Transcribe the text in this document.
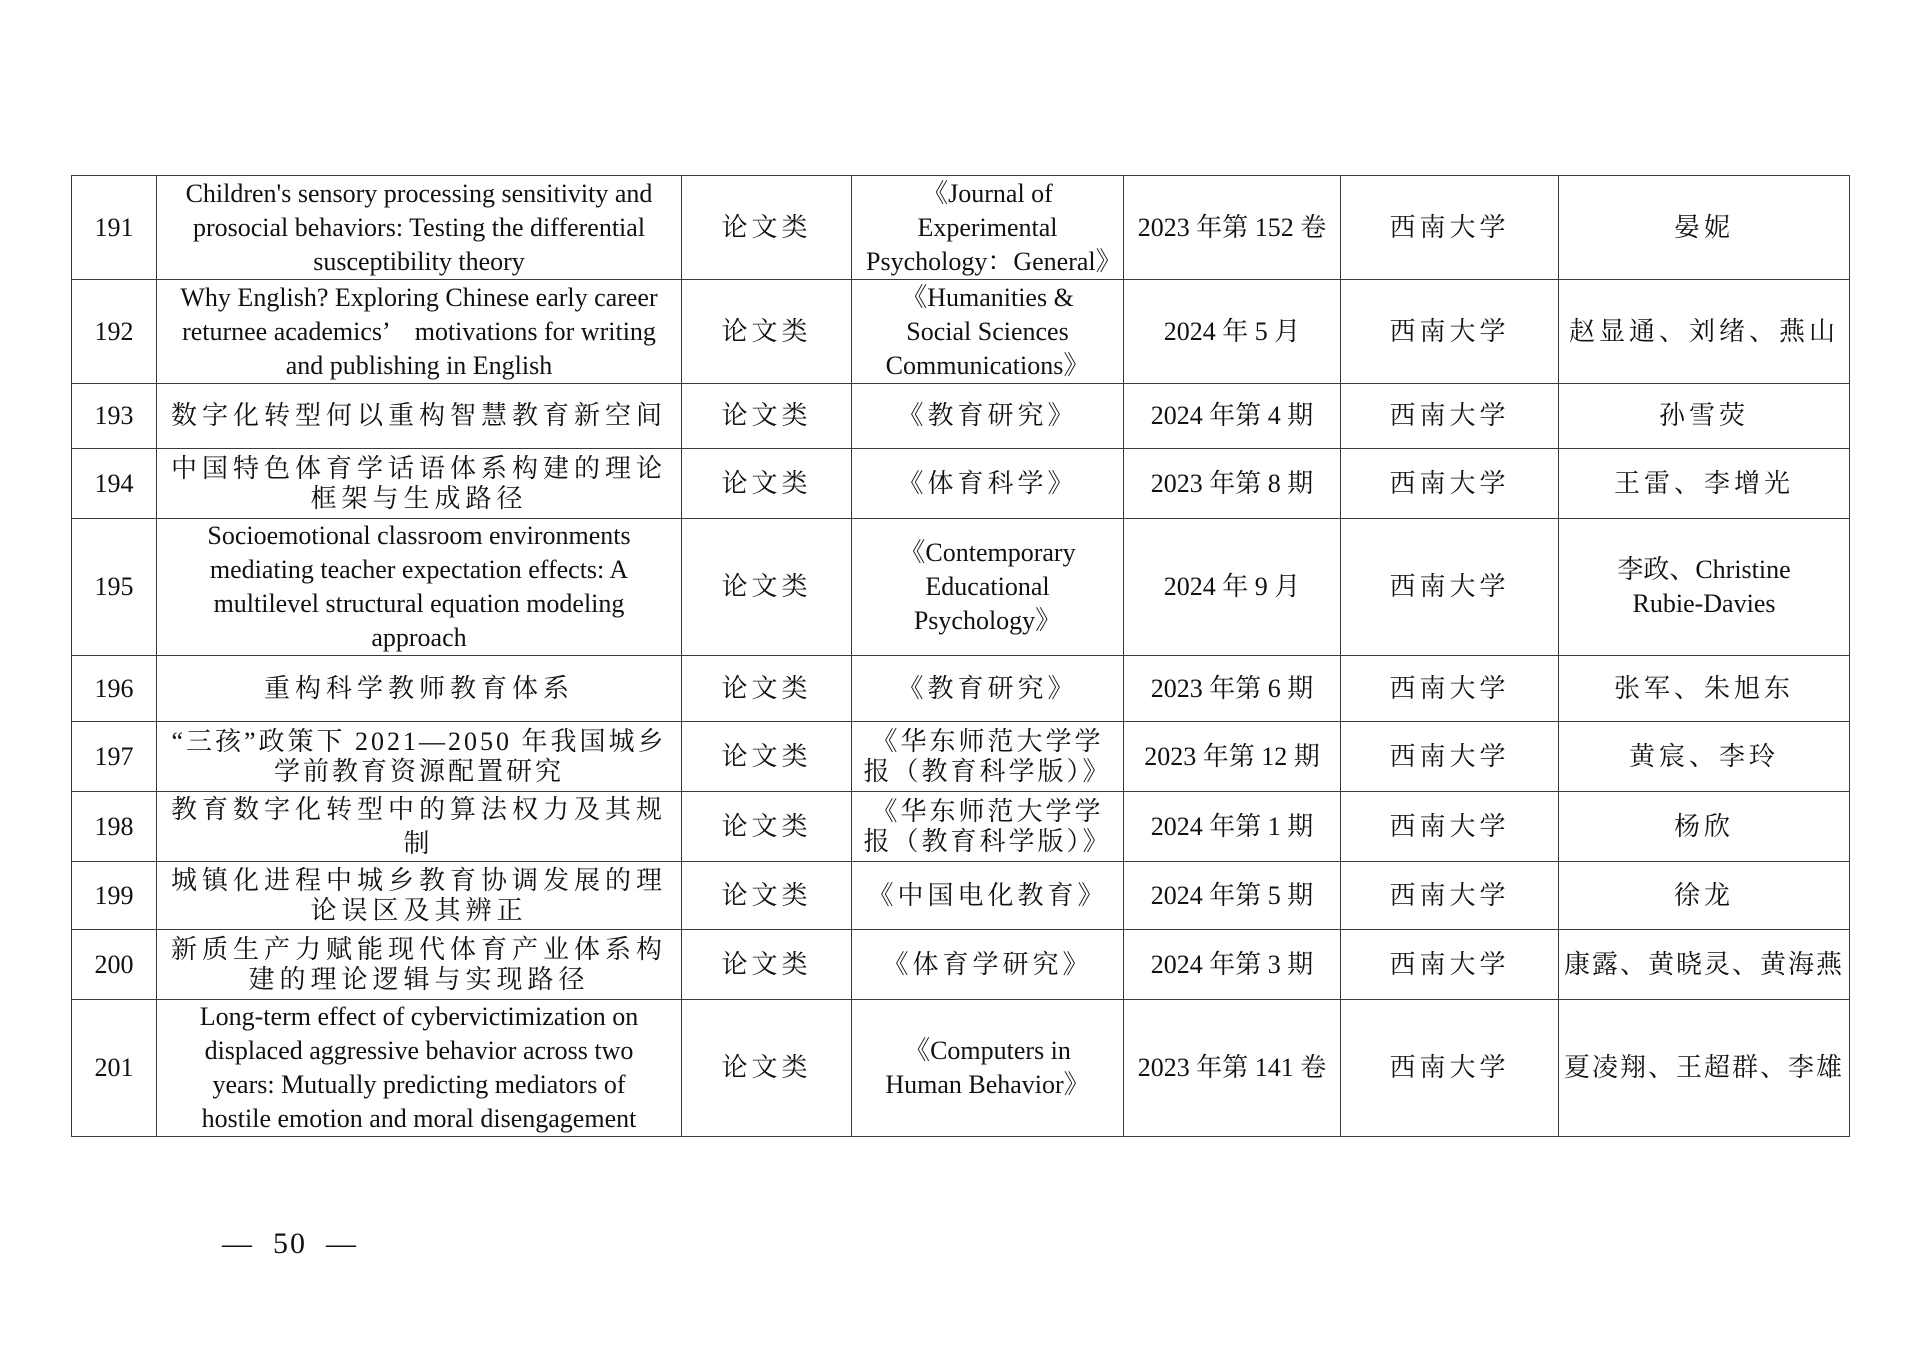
191	Children's sensory processing sensitivity and prosocial behaviors: Testing the differential susceptibility theory	论文类	《Journal of Experimental Psychology：General》	2023 年第 152 卷	西南大学	晏妮
192	Why English? Exploring Chinese early career returnee academics’　motivations for writing and publishing in English	论文类	《Humanities & Social Sciences Communications》	2024 年 5 月	西南大学	赵显通、刘绪、燕山
193	数字化转型何以重构智慧教育新空间	论文类	《教育研究》	2024 年第 4 期	西南大学	孙雪荧
194	中国特色体育学话语体系构建的理论框架与生成路径	论文类	《体育科学》	2023 年第 8 期	西南大学	王雷、李增光
195	Socioemotional classroom environments mediating teacher expectation effects: A multilevel structural equation modeling approach	论文类	《Contemporary Educational Psychology》	2024 年 9 月	西南大学	李政、Christine Rubie-Davies
196	重构科学教师教育体系	论文类	《教育研究》	2023 年第 6 期	西南大学	张军、朱旭东
197	“三孩”政策下 2021—2050 年我国城乡学前教育资源配置研究	论文类	《华东师范大学学报（教育科学版）》	2023 年第 12 期	西南大学	黄宸、李玲
198	教育数字化转型中的算法权力及其规制	论文类	《华东师范大学学报（教育科学版）》	2024 年第 1 期	西南大学	杨欣
199	城镇化进程中城乡教育协调发展的理论误区及其辨正	论文类	《中国电化教育》	2024 年第 5 期	西南大学	徐龙
200	新质生产力赋能现代体育产业体系构建的理论逻辑与实现路径	论文类	《体育学研究》	2024 年第 3 期	西南大学	康露、黄晓灵、黄海燕
201	Long-term effect of cybervictimization on displaced aggressive behavior across two years: Mutually predicting mediators of hostile emotion and moral disengagement	论文类	《Computers in Human Behavior》	2023 年第 141 卷	西南大学	夏凌翔、王超群、李雄
—  50  —
